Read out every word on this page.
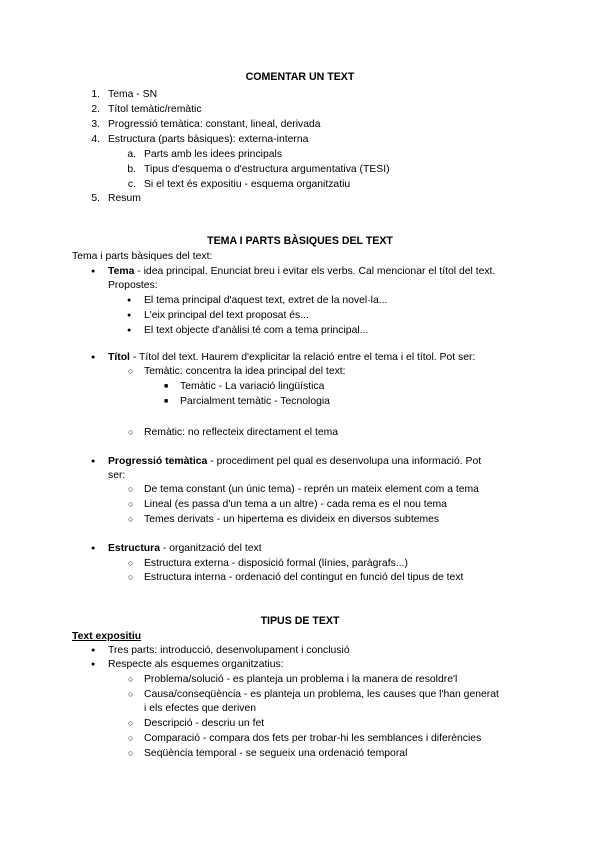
COMENTAR UN TEXT
1. Tema - SN
2. Títol temàtic/remàtic
3. Progressió temàtica: constant, lineal, derivada
4. Estructura (parts bàsiques): externa-interna
a. Parts amb les idees principals
b. Tipus d'esquema o d'estructura argumentativa (TESI)
c. Si el text és expositiu - esquema organitzatiu
5. Resum
TEMA I PARTS BÀSIQUES DEL TEXT
Tema i parts bàsiques del text:
● Tema - idea principal. Enunciat breu i evitar els verbs. Cal mencionar el títol del text.
Propostes:
● El tema principal d'aquest text, extret de la novel·la...
● L'eix principal del text proposat és...
● El text objecte d'anàlisi té com a tema principal...
● Títol - Títol del text. Haurem d'explicitar la relació entre el tema i el títol. Pot ser:
○ Temàtic: concentra la idea principal del text:
■ Temàtic - La variació lingüística
■ Parcialment temàtic - Tecnologia
○ Remàtic: no reflecteix directament el tema
● Progressió temàtica - procediment pel qual es desenvolupa una informació. Pot
ser:
○ De tema constant (un únic tema) - reprén un mateix element com a tema
○ Lineal (es passa d'un tema a un altre) - cada rema es el nou tema
○ Temes derivats - un hipertema es divideix en diversos subtemes
● Estructura - organització del text
○ Estructura externa - disposició formal (línies, paràgrafs...)
○ Estructura interna - ordenació del contingut en funció del tipus de text
TIPUS DE TEXT
Text expositiu
● Tres parts: introducció, desenvolupament i conclusió
● Respecte als esquemes organitzatius:
○ Problema/solució - es planteja un problema i la manera de resoldre'l
○ Causa/conseqüència - es planteja un problema, les causes que l'han generat
i els efectes que deriven
○ Descripció - descriu un fet
○ Comparació - compara dos fets per trobar-hi les semblances i diferències
○ Seqüència temporal - se segueix una ordenació temporal
